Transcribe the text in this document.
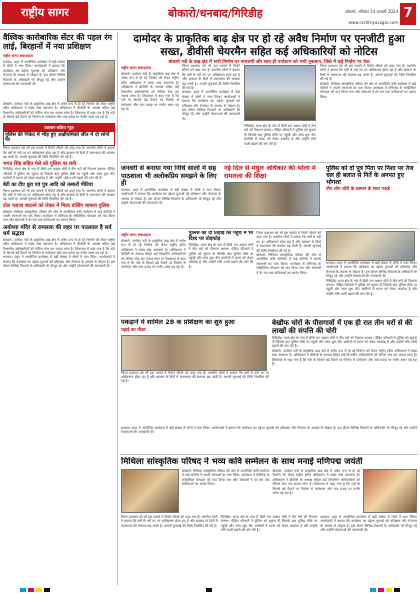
राष्ट्रीय सागर	बोकारो/धनबाद/गिरिडीह	बोकारो, शनिवार 14 जनवरी 2024
www.rashtriyasagar.com
7
वैश्विक कारोबारिक सेंटर की पहल रंग लाई, बिरहानों में नया प्रशिक्षण
राष्ट्रीय सागर संवाददाता
धनबाद: शहर में आयोजित कार्यक्रम में बड़ी संख्या में लोगों ने भाग लिया। आयोजकों ने बताया कि कार्यक्रम का उद्देश्य युवाओं को प्रशिक्षण और रोजगार के अवसर से जोड़ना है। इस दौरान विभिन्न विभागों के अधिकारी भी मौजूद रहे और उन्होंने योजनाओं की जानकारी दी।
बोकारो: दामोदर नदी के प्राकृतिक बाढ़ क्षेत्र में अवैध रूप से हो रहे निर्माण को लेकर राष्ट्रीय हरित अधिकरण ने सख्त रुख अपनाया है। अधिकरण ने डीवीसी के अध्यक्ष सहित कई विभागीय अधिकारियों को नोटिस भेज कर जवाब मांगा है। शिकायत में कहा गया है कि नदी के किनारे बड़े पैमाने पर निर्माण से पर्यावरण और जल प्रवाह पर गंभीर असर पड़ रहा है।
प्रशासन सक्रिय न्यूज़
पुलिस की पिकेट में भीड़ हुए अक्षीयमिकों जीत में दो लोगों पर
जिला प्रशासन को भी इस मामले में रिपोर्ट सौंपने को कहा गया है। स्थानीय लोगों ने बताया कि वर्षों से नदी तट पर अतिक्रमण होता रहा है और बरसात के दिनों में जलभराव की समस्या बढ़ जाती है। अगली सुनवाई की तिथि निर्धारित की गई है।
भगत सिंह सहित मेले को पुलिस पर बनी
गिरिडीह: थाना क्षेत्र के गांव में बीती रात अज्ञात चोरों ने तीन घरों को निशाना बनाया। पीड़ित परिवारों ने पुलिस को सूचना दी जिसके बाद पुलिस मौके पर पहुंची और जांच शुरू की। ग्रामीणों में घटना को लेकर आक्रोश है और उन्होंने रात्रि गश्ती बढ़ाने की मांग की है।
बेटी का टीए धुरा एवं पुत्र आदि को तस्करों पीटिया
जिला प्रशासन को भी इस मामले में रिपोर्ट सौंपने को कहा गया है। स्थानीय लोगों ने बताया कि वर्षों से नदी तट पर अतिक्रमण होता रहा है और बरसात के दिनों में जलभराव की समस्या बढ़ जाती है। अगली सुनवाई की तिथि निर्धारित की गई है।
टोल प्लाजा बदलने को लेकर में मिला डांसिंग मामला पुलिस
बोकारो: मिथिला सांस्कृतिक परिषद की ओर से आयोजित कवि सम्मेलन में कई कवियों ने अपनी रचनाओं का पाठ किया। कार्यक्रम में मणिपद्म के साहित्यिक योगदान को याद किया गया और श्रोताओं ने देर रात तक कविताओं का आनंद लिया।
अयोध्या मंदिर से रामलला की लहर पर पाठशाल है सर्व धर्म सद्भाव
बोकारो: दामोदर नदी के प्राकृतिक बाढ़ क्षेत्र में अवैध रूप से हो रहे निर्माण को लेकर राष्ट्रीय हरित अधिकरण ने सख्त रुख अपनाया है। अधिकरण ने डीवीसी के अध्यक्ष सहित कई विभागीय अधिकारियों को नोटिस भेज कर जवाब मांगा है। शिकायत में कहा गया है कि नदी के किनारे बड़े पैमाने पर निर्माण से पर्यावरण और जल प्रवाह पर गंभीर असर पड़ रहा है।
धनबाद: शहर में आयोजित कार्यक्रम में बड़ी संख्या में लोगों ने भाग लिया। आयोजकों ने बताया कि कार्यक्रम का उद्देश्य युवाओं को प्रशिक्षण और रोजगार के अवसर से जोड़ना है। इस दौरान विभिन्न विभागों के अधिकारी भी मौजूद रहे और उन्होंने योजनाओं की जानकारी दी।
दामोदर के प्राकृतिक बाढ़ क्षेत्र पर हो रहे अवैध निर्माण पर एनजीटी हुआ सख्त, डीवीसी चेयरमैन सहित कई अधिकारियों को नोटिस
बोकारो नदी के बाढ़ क्षेत्र में भारी निर्माण पर नाराजगी और साथ ही पर्यावरण को भारी नुकसान, जिले में कई निर्माण पर रोक
राष्ट्रीय सागर संवाददाता
बोकारो: दामोदर नदी के प्राकृतिक बाढ़ क्षेत्र में अवैध रूप से हो रहे निर्माण को लेकर राष्ट्रीय हरित अधिकरण ने सख्त रुख अपनाया है। अधिकरण ने डीवीसी के अध्यक्ष सहित कई विभागीय अधिकारियों को नोटिस भेज कर जवाब मांगा है। शिकायत में कहा गया है कि नदी के किनारे बड़े पैमाने पर निर्माण से पर्यावरण और जल प्रवाह पर गंभीर असर पड़ रहा है।
जिला प्रशासन को भी इस मामले में रिपोर्ट सौंपने को कहा गया है। स्थानीय लोगों ने बताया कि वर्षों से नदी तट पर अतिक्रमण होता रहा है और बरसात के दिनों में जलभराव की समस्या बढ़ जाती है। अगली सुनवाई की तिथि निर्धारित की गई है।
धनबाद: शहर में आयोजित कार्यक्रम में बड़ी संख्या में लोगों ने भाग लिया। आयोजकों ने बताया कि कार्यक्रम का उद्देश्य युवाओं को प्रशिक्षण और रोजगार के अवसर से जोड़ना है। इस दौरान विभिन्न विभागों के अधिकारी भी मौजूद रहे और उन्होंने योजनाओं की जानकारी दी।
गिरिडीह: थाना क्षेत्र के गांव में बीती रात अज्ञात चोरों ने तीन घरों को निशाना बनाया। पीड़ित परिवारों ने पुलिस को सूचना दी जिसके बाद पुलिस मौके पर पहुंची और जांच शुरू की। ग्रामीणों में घटना को लेकर आक्रोश है और उन्होंने रात्रि गश्ती बढ़ाने की मांग की है।
जिला प्रशासन को भी इस मामले में रिपोर्ट सौंपने को कहा गया है। स्थानीय लोगों ने बताया कि वर्षों से नदी तट पर अतिक्रमण होता रहा है और बरसात के दिनों में जलभराव की समस्या बढ़ जाती है। अगली सुनवाई की तिथि निर्धारित की गई है।
बोकारो: मिथिला सांस्कृतिक परिषद की ओर से आयोजित कवि सम्मेलन में कई कवियों ने अपनी रचनाओं का पाठ किया। कार्यक्रम में मणिपद्म के साहित्यिक योगदान को याद किया गया और श्रोताओं ने देर रात तक कविताओं का आनंद लिया।
जनवरी से बनाया गया निधि सालों में सह पाठशाला भी अलोकप्रिय समझने के लिए ही
धनबाद: शहर में आयोजित कार्यक्रम में बड़ी संख्या में लोगों ने भाग लिया। आयोजकों ने बताया कि कार्यक्रम का उद्देश्य युवाओं को प्रशिक्षण और रोजगार के अवसर से जोड़ना है। इस दौरान विभिन्न विभागों के अधिकारी भी मौजूद रहे और उन्होंने योजनाओं की जानकारी दी।
नई दिल से मधुल अधिकार की भोला में रामलला की शिक्षा
पुलिस को दो पुत्र पिता पर निशा पर तेज चल ही बलात से निर्ते के अनपत हुए भोगशा
तीन लोग चोरी के सामान के साथ पकड़े
राष्ट्रीय सागर संवाददाता
बोकारो: दामोदर नदी के प्राकृतिक बाढ़ क्षेत्र में अवैध रूप से हो रहे निर्माण को लेकर राष्ट्रीय हरित अधिकरण ने सख्त रुख अपनाया है। अधिकरण ने डीवीसी के अध्यक्ष सहित कई विभागीय अधिकारियों को नोटिस भेज कर जवाब मांगा है। शिकायत में कहा गया है कि नदी के किनारे बड़े पैमाने पर निर्माण से पर्यावरण और जल प्रवाह पर गंभीर असर पड़ रहा है।
पुलिस को दो तिहाई की पहुंच में भी दिशा पर तोड़फोड़
गिरिडीह: थाना क्षेत्र के गांव में बीती रात अज्ञात चोरों ने तीन घरों को निशाना बनाया। पीड़ित परिवारों ने पुलिस को सूचना दी जिसके बाद पुलिस मौके पर पहुंची और जांच शुरू की। ग्रामीणों में घटना को लेकर आक्रोश है और उन्होंने रात्रि गश्ती बढ़ाने की मांग की है।
जिला प्रशासन को भी इस मामले में रिपोर्ट सौंपने को कहा गया है। स्थानीय लोगों ने बताया कि वर्षों से नदी तट पर अतिक्रमण होता रहा है और बरसात के दिनों में जलभराव की समस्या बढ़ जाती है। अगली सुनवाई की तिथि निर्धारित की गई है।
बोकारो: मिथिला सांस्कृतिक परिषद की ओर से आयोजित कवि सम्मेलन में कई कवियों ने अपनी रचनाओं का पाठ किया। कार्यक्रम में मणिपद्म के साहित्यिक योगदान को याद किया गया और श्रोताओं ने देर रात तक कविताओं का आनंद लिया।
धनबाद: शहर में आयोजित कार्यक्रम में बड़ी संख्या में लोगों ने भाग लिया। आयोजकों ने बताया कि कार्यक्रम का उद्देश्य युवाओं को प्रशिक्षण और रोजगार के अवसर से जोड़ना है। इस दौरान विभिन्न विभागों के अधिकारी भी मौजूद रहे और उन्होंने योजनाओं की जानकारी दी।
गिरिडीह: थाना क्षेत्र के गांव में बीती रात अज्ञात चोरों ने तीन घरों को निशाना बनाया। पीड़ित परिवारों ने पुलिस को सूचना दी जिसके बाद पुलिस मौके पर पहुंची और जांच शुरू की। ग्रामीणों में घटना को लेकर आक्रोश है और उन्होंने रात्रि गश्ती बढ़ाने की मांग की है।
पकड़ाने में शामिल 28 क प्रशिक्षण का शुरु हुआ
पढ़ाई का मौका
जिला प्रशासन को भी इस मामले में रिपोर्ट सौंपने को कहा गया है। स्थानीय लोगों ने बताया कि वर्षों से नदी तट पर अतिक्रमण होता रहा है और बरसात के दिनों में जलभराव की समस्या बढ़ जाती है। अगली सुनवाई की तिथि निर्धारित की गई है।
बेखौफ चोरों के पीसगावों में एक ही रात तीन घरों से की लाखों की संपत्ति की चोरी
गिरिडीह: थाना क्षेत्र के गांव में बीती रात अज्ञात चोरों ने तीन घरों को निशाना बनाया। पीड़ित परिवारों ने पुलिस को सूचना दी जिसके बाद पुलिस मौके पर पहुंची और जांच शुरू की। ग्रामीणों में घटना को लेकर आक्रोश है और उन्होंने रात्रि गश्ती बढ़ाने की मांग की है।
बोकारो: दामोदर नदी के प्राकृतिक बाढ़ क्षेत्र में अवैध रूप से हो रहे निर्माण को लेकर राष्ट्रीय हरित अधिकरण ने सख्त रुख अपनाया है। अधिकरण ने डीवीसी के अध्यक्ष सहित कई विभागीय अधिकारियों को नोटिस भेज कर जवाब मांगा है। शिकायत में कहा गया है कि नदी के किनारे बड़े पैमाने पर निर्माण से पर्यावरण और जल प्रवाह पर गंभीर असर पड़ रहा है।
धनबाद: शहर में आयोजित कार्यक्रम में बड़ी संख्या में लोगों ने भाग लिया। आयोजकों ने बताया कि कार्यक्रम का उद्देश्य युवाओं को प्रशिक्षण और रोजगार के अवसर से जोड़ना है। इस दौरान विभिन्न विभागों के अधिकारी भी मौजूद रहे और उन्होंने योजनाओं की जानकारी दी।
मिथिला सांस्कृतिक परिषद ने भव्य कवि सम्मेलन के साथ मनाई मणिपद्म जयंती
बोकारो: मिथिला सांस्कृतिक परिषद की ओर से आयोजित कवि सम्मेलन में कई कवियों ने अपनी रचनाओं का पाठ किया। कार्यक्रम में मणिपद्म के साहित्यिक योगदान को याद किया गया और श्रोताओं ने देर रात तक कविताओं का आनंद लिया।
बोकारो: दामोदर नदी के प्राकृतिक बाढ़ क्षेत्र में अवैध रूप से हो रहे निर्माण को लेकर राष्ट्रीय हरित अधिकरण ने सख्त रुख अपनाया है। अधिकरण ने डीवीसी के अध्यक्ष सहित कई विभागीय अधिकारियों को नोटिस भेज कर जवाब मांगा है। शिकायत में कहा गया है कि नदी के किनारे बड़े पैमाने पर निर्माण से पर्यावरण और जल प्रवाह पर गंभीर असर पड़ रहा है।
जिला प्रशासन को भी इस मामले में रिपोर्ट सौंपने को कहा गया है। स्थानीय लोगों ने बताया कि वर्षों से नदी तट पर अतिक्रमण होता रहा है और बरसात के दिनों में जलभराव की समस्या बढ़ जाती है। अगली सुनवाई की तिथि निर्धारित की गई है।
गिरिडीह: थाना क्षेत्र के गांव में बीती रात अज्ञात चोरों ने तीन घरों को निशाना बनाया। पीड़ित परिवारों ने पुलिस को सूचना दी जिसके बाद पुलिस मौके पर पहुंची और जांच शुरू की। ग्रामीणों में घटना को लेकर आक्रोश है और उन्होंने रात्रि गश्ती बढ़ाने की मांग की है।
धनबाद: शहर में आयोजित कार्यक्रम में बड़ी संख्या में लोगों ने भाग लिया। आयोजकों ने बताया कि कार्यक्रम का उद्देश्य युवाओं को प्रशिक्षण और रोजगार के अवसर से जोड़ना है। इस दौरान विभिन्न विभागों के अधिकारी भी मौजूद रहे और उन्होंने योजनाओं की जानकारी दी।
